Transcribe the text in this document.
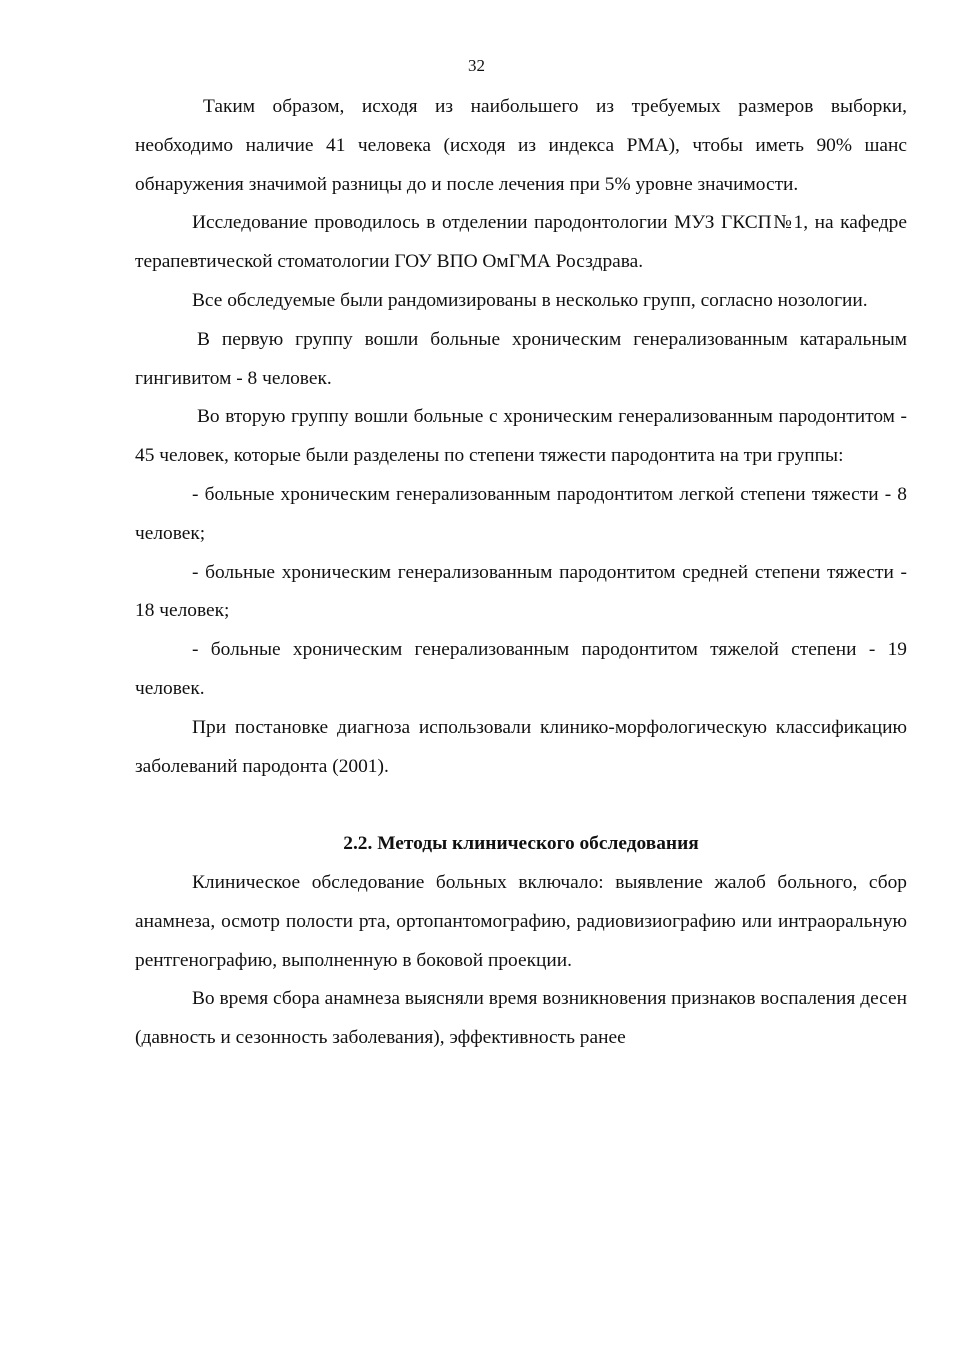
32

Таким образом, исходя из наибольшего из требуемых размеров выборки, необходимо наличие 41 человека (исходя из индекса РМА), чтобы иметь 90% шанс обнаружения значимой разницы до и после лечения при 5% уровне значимости.

Исследование проводилось в отделении пародонтологии МУЗ ГКСП№1, на кафедре терапевтической стоматологии ГОУ ВПО ОмГМА Росздрава.

Все обследуемые были рандомизированы в несколько групп, согласно нозологии.

В первую группу вошли больные хроническим генерализованным катаральным гингивитом - 8 человек.

Во вторую группу вошли больные с хроническим генерализованным пародонтитом - 45 человек, которые были разделены по степени тяжести пародонтита на три группы:

- больные хроническим генерализованным пародонтитом легкой степени тяжести - 8 человек;

- больные хроническим генерализованным пародонтитом средней степени тяжести - 18 человек;

- больные хроническим генерализованным пародонтитом тяжелой степени - 19 человек.

При постановке диагноза использовали клинико-морфологическую классификацию заболеваний пародонта (2001).

2.2. Методы клинического обследования

Клиническое обследование больных включало: выявление жалоб больного, сбор анамнеза, осмотр полости рта, ортопантомографию, радиовизиографию или интраоральную рентгенографию, выполненную в боковой проекции.

Во время сбора анамнеза выясняли время возникновения признаков воспаления десен (давность и сезонность заболевания), эффективность ранее
